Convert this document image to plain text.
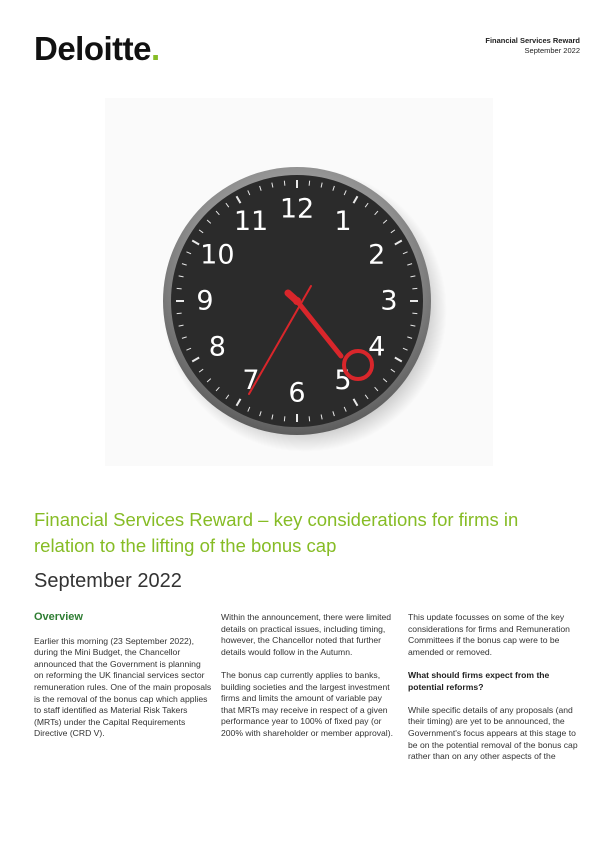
Deloitte.	Financial Services Reward
September 2022
12 1
2
3
4
5
6
7
8
9
10
11
Financial Services Reward – key considerations for firms in relation to the lifting of the bonus cap
September 2022
Overview

Earlier this morning (23 September 2022), during the Mini Budget, the Chancellor announced that the Government is planning on reforming the UK financial services sector remuneration rules. One of the main proposals is the removal of the bonus cap which applies to staff identified as Material Risk Takers (MRTs) under the Capital Requirements Directive (CRD V).

Within the announcement, there were limited details on practical issues, including timing, however, the Chancellor noted that further details would follow in the Autumn.

The bonus cap currently applies to banks, building societies and the largest investment firms and limits the amount of variable pay that MRTs may receive in respect of a given performance year to 100% of fixed pay (or 200% with shareholder or member approval).

This update focusses on some of the key considerations for firms and Remuneration Committees if the bonus cap were to be amended or removed.

What should firms expect from the potential reforms?

While specific details of any proposals (and their timing) are yet to be announced, the Government's focus appears at this stage to be on the potential removal of the bonus cap rather than on any other aspects of the
